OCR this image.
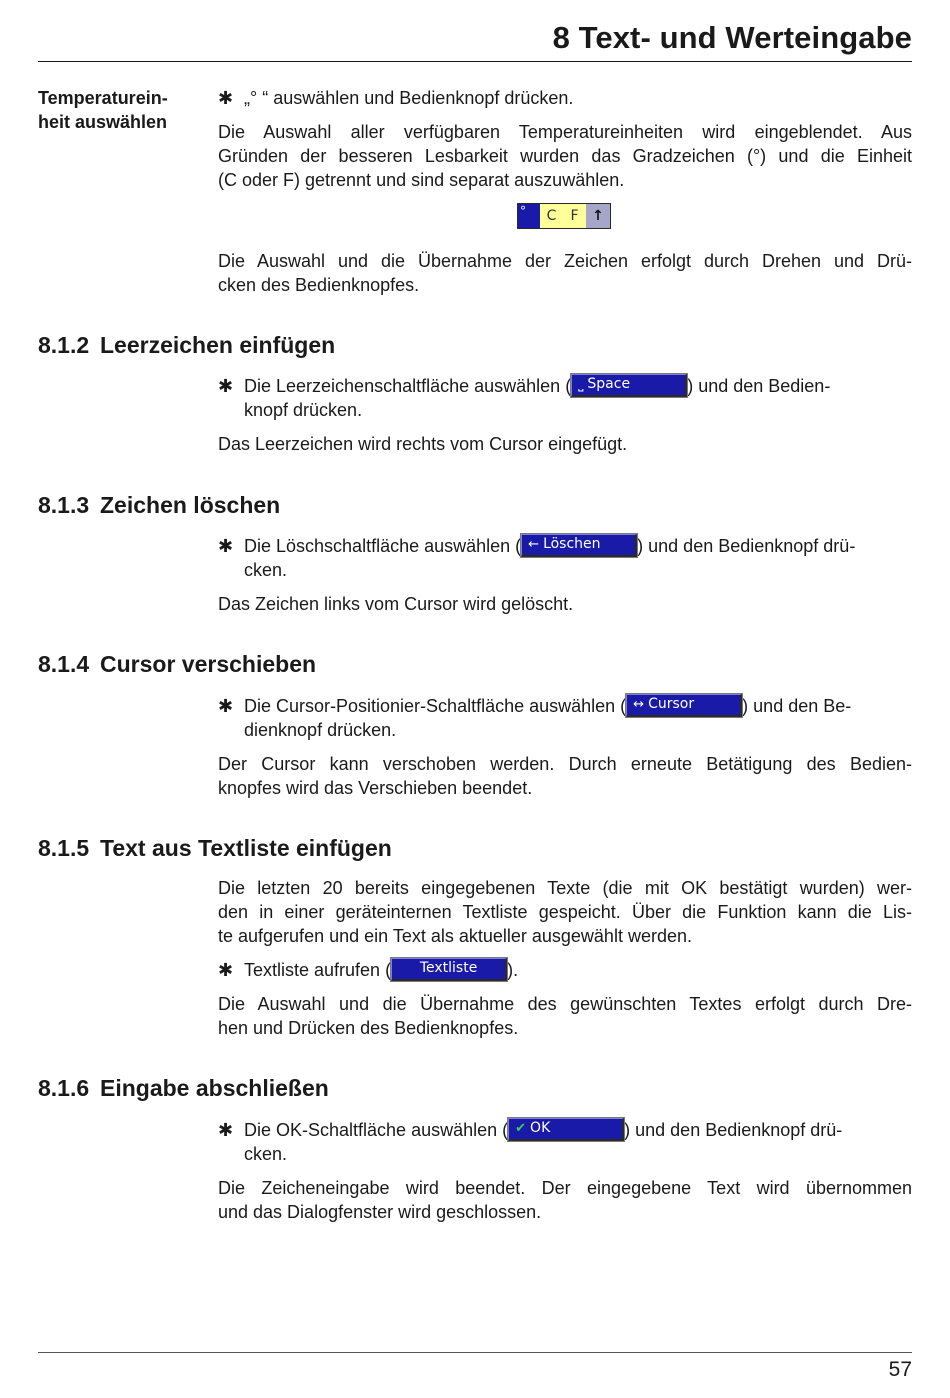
8 Text- und Werteingabe
Temperaturein-
heit auswählen
✱ „° “ auswählen und Bedienknopf drücken.
Die Auswahl aller verfügbaren Temperatureinheiten wird eingeblendet. Aus
Gründen der besseren Lesbarkeit wurden das Gradzeichen (°) und die Einheit
(C oder F) getrennt und sind separat auszuwählen.
°	C	F ↑
Die Auswahl und die Übernahme der Zeichen erfolgt durch Drehen und Drü-
cken des Bedienknopfes.
8.1.2 Leerzeichen einfügen
✱ Die Leerzeichenschaltfläche auswählen ( ⎵ Space	) und den Bedien-
knopf drücken.
Das Leerzeichen wird rechts vom Cursor eingefügt.
8.1.3 Zeichen löschen
✱ Die Löschschaltfläche auswählen ( ← Löschen ) und den Bedienknopf drü-
cken.
Das Zeichen links vom Cursor wird gelöscht.
8.1.4 Cursor verschieben
✱ Die Cursor-Positionier-Schaltfläche auswählen ( ↔ Cursor	) und den Be-
dienknopf drücken.
Der Cursor kann verschoben werden. Durch erneute Betätigung des Bedien-
knopfes wird das Verschieben beendet.
8.1.5 Text aus Textliste einfügen
Die letzten 20 bereits eingegebenen Texte (die mit OK bestätigt wurden) wer-
den in einer geräteinternen Textliste gespeicht. Über die Funktion kann die Lis-
te aufgerufen und ein Text als aktueller ausgewählt werden.
✱ Textliste aufrufen ( Textliste ).
Die Auswahl und die Übernahme des gewünschten Textes erfolgt durch Dre-
hen und Drücken des Bedienknopfes.
8.1.6 Eingabe abschließen
✱ Die OK-Schaltfläche auswählen ( ✔ OK	) und den Bedienknopf drü-
cken.
Die Zeicheneingabe wird beendet. Der eingegebene Text wird übernommen
und das Dialogfenster wird geschlossen.
57
